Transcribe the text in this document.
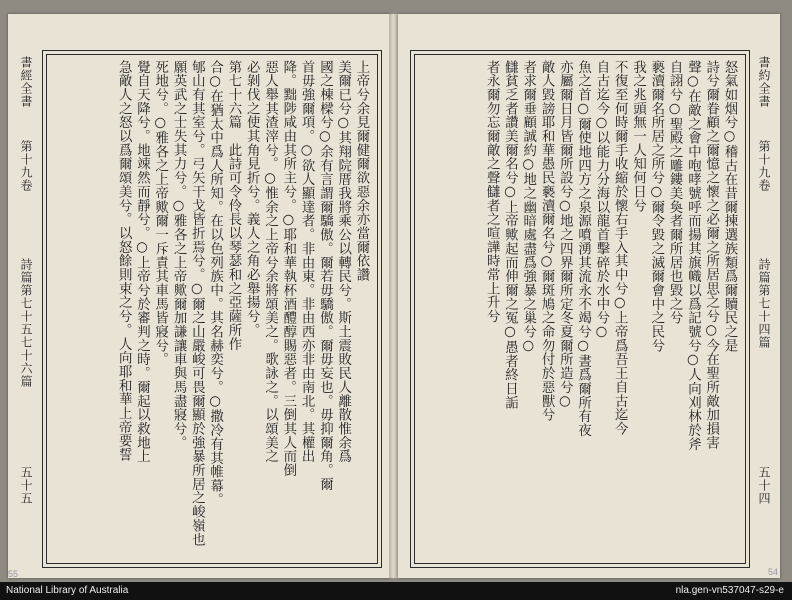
書經全書
第十九卷
詩篇第七十五七十六篇
五十五
55

上帝兮余見爾健爾欲惡余亦當爾依讚

美爾已兮○其翔院厝我將乘公以轉民兮。斯土震敗民人離散惟余爲

國之棟樑兮○余有言謂爾驕傲。爾若毋驕傲。爾毋妄也。毋抑爾角。爾

首毋強爾項。○欲人顯達者。非由東。非由西亦非由南北。其權出

降。黜陟咸由其所主兮。○耶和華執杯酒醴醇賜惡者。三倒其人而倒

惡人舉其渣滓兮。○惟余之上帝兮余將頌美之。歌詠之。以頌美之

必剝伐之使其角見折兮。義人之角必舉揚兮。

第七十六篇　此詩可令伶長以琴瑟和之亞薩所作

合○在猶太中爲人所知。在以色列族中。其名赫奕兮。○撒冷有其帷幕。

郇山有其室兮。弓矢干戈皆折焉兮。○爾之山嚴峻可畏爾顯於強暴所居之峻嶺也

願英武之士失其力兮。○雅各之上帝歟爾加謙讓車與馬盡寢兮。

死地兮。○雅各之上帝歟爾一斥責其車馬皆寢兮。

覺自天降兮。地竦然而靜兮。○上帝兮於審判之時。爾起以救地上

急敵人之怒以爲爾頌美兮。以怒餘則束之兮。人向耶和華上帝要誓	書約全書
第十九卷
詩篇第七十四篇
五十四
54

怒氣如烟兮○稽古在昔爾揀選族類爲爾贖民之是

詩兮爾眷顧之爾憶之懷之必爾之所居思之兮○今在聖所敵加損害

聲○在敵之會中咆哮號呼而揚其旗幟以爲記號兮○人向刈林於斧

自詡兮○聖殿之雕鏤美奐者爾所居也毀之兮

褻瀆爾名所居之所兮○爾令毀之滅爾會中之民兮

我之兆頭無一人知何日兮

不復至何時爾手收縮於懷右手入其中兮○上帝爲吾王自古迄今

自古迄今○以能力分海以龍首擊碎於水中兮○

魚之首○爾使地四方之泉源噴湧其流永不竭兮○晝爲爾所有夜

亦屬爾日月皆爾所設兮○地之四界爾所定冬夏爾所造兮○

敵人毀謗耶和華愚民褻瀆爾名兮○爾斑鳩之命勿付於惡獸兮

者求爾垂顧誠約○地之幽暗處盡爲強暴之巢兮○

讎貧乏者讚美爾名兮○上帝歟起而伸爾之冤○愚者終日詬

者永爾勿忘爾敵之聲讎者之喧譁時常上升兮

National Library of Australia	nla.gen-vn537047-s29-e
